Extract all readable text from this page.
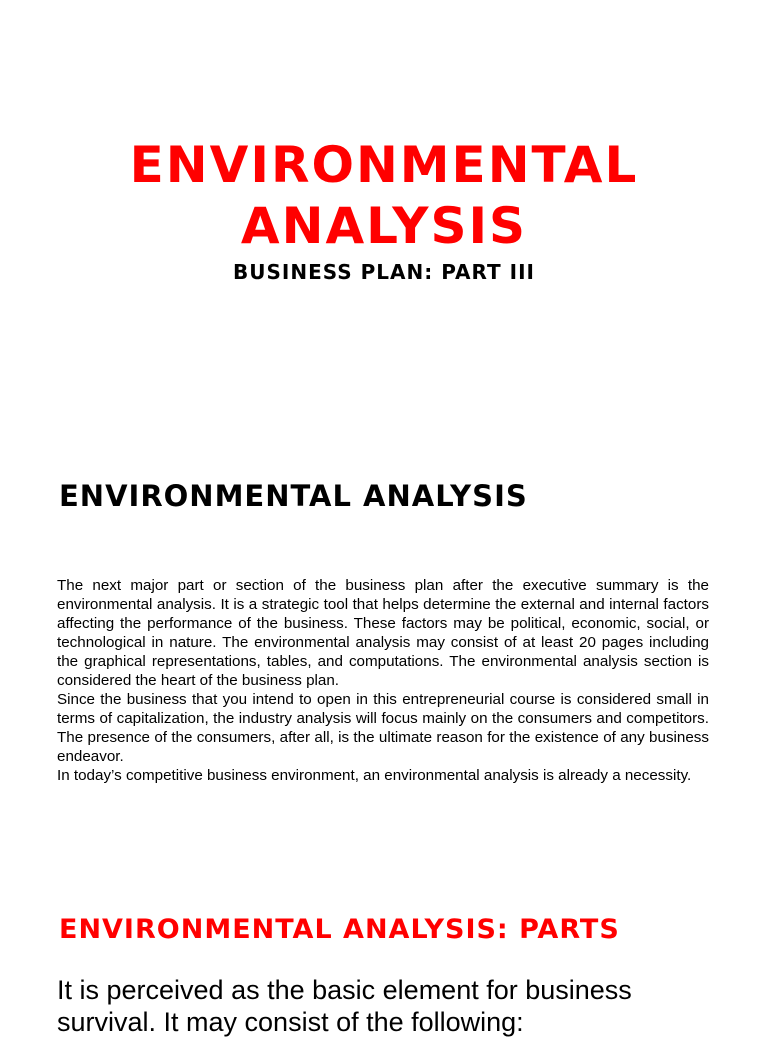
ENVIRONMENTAL
ANALYSIS
BUSINESS PLAN: PART III
ENVIRONMENTAL ANALYSIS

The next major part or section of the business plan after the executive summary is the environmental analysis. It is a strategic tool that helps determine the external and internal factors affecting the performance of the business. These factors may be political, economic, social, or technological in nature. The environmental analysis may consist of at least 20 pages including the graphical representations, tables, and computations. The environmental analysis section is considered the heart of the business plan.

Since the business that you intend to open in this entrepreneurial course is considered small in terms of capitalization, the industry analysis will focus mainly on the consumers and competitors. The presence of the consumers, after all, is the ultimate reason for the existence of any business endeavor.

In today’s competitive business environment, an environmental analysis is already a necessity.

ENVIRONMENTAL ANALYSIS: PARTS

It is perceived as the basic element for business survival. It may consist of the following:
